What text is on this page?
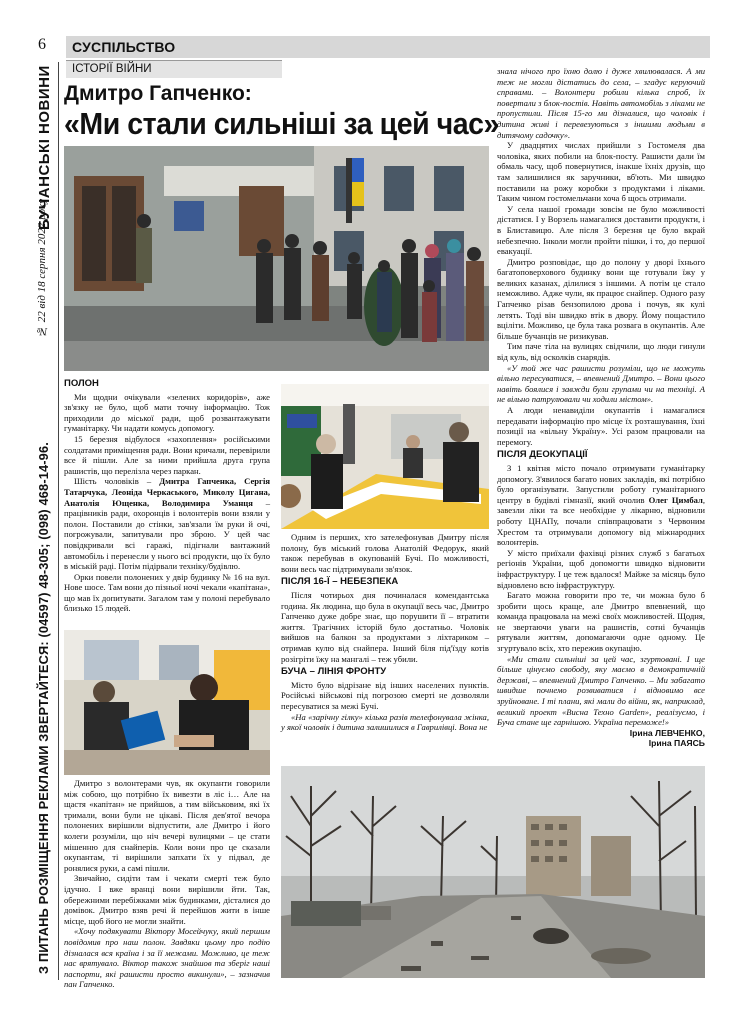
6 СУСПІЛЬСТВО
ІСТОРІЇ ВІЙНИ
БУЧАНСЬКІ НОВИНИ
№ 22 від 18 серпня 2022 року
З ПИТАНЬ РОЗМІЩЕННЯ РЕКЛАМИ ЗВЕРТАЙТЕСЯ: (04597) 48-305; (098) 468-14-96.
Дмитро Гапченко:
«Ми стали сильніші за цей час»

ПОЛОН

Ми щодни очікували «зелених коридорів», аже зв'язку не було, щоб мати точну інформацію. Тож приходили до міської ради, щоб розвантажувати гуманітарку. Чи надати комусь допомогу.

15 березня відбулося «захоплення» російськими солдатами приміщення ради. Вони кричали, перевірили все й пішли. Але за ними прийшла друга група рашистів, що перелізла через паркан.

Шість чоловіків – Дмитра Гапченка, Сергія Татарчука, Леоніда Черкаського, Миколу Цигана, Анатолія Ющенка, Володимира Уманця – працівників ради, охоронців і волонтерів вони взяли у полон. Поставили до стінки, зав'язали їм руки й очі, погрожували, запитували про зброю. У цей час повідкривали всі гаражі, підігнали вантажний автомобіль і перенесли у нього всі продукти, що їх було в міській раді. Потім підірвали техніку/будівлю.

Орки повели полонених у двір будинку № 16 на вул. Нове шосе. Там вони до пізньої ночі чекали «капітана», що мав їх допитувати. Загалом там у полоні перебувало близько 15 людей.

Дмитро з волонтерами чув, як окупанти говорили між собою, що потрібно їх вивезти в ліс і… Але на щастя «капітан» не прийшов, а тим військовим, які їх тримали, вони були не цікаві. Після дев'ятої вечора полонених вирішили відпустити, але Дмитро і його колеги розуміли, що ніч вечері вулицями – це стати мішенню для снайперів. Коли вони про це сказали окупантам, ті вирішили запхати їх у підвал, де ронялися руки, а самі пішли.

Звичайно, сидіти там і чекати смерті теж було ідучно. І вже вранці вони вирішили йти. Так, обережними перебіжками між будинками, дісталися до домівок. Дмитро взяв речі й перейшов жити в інше місце, щоб його не могли знайти.

«Хочу подякувати Віктору Мосейчуку, який першим повідомив про наш полон. Завдяки цьому про подію дізналася вся країна і за її межами. Можливо, це теж нас врятувало. Віктор також знайшов та зберіг наші паспорти, які рашисти просто викинули», – зазначив пан Гапченко.

Одним із перших, хто зателефонував Дмитру після полону, був міський голова Анатолій Федорук, який також перебував в окупованій Бучі. По можливості, вони весь час підтримували зв'язок.

ПІСЛЯ 16-Ї – НЕБЕЗПЕКА

Після чотирьох дня починалася комендантська година. Як людина, що була в окупації весь час, Дмитро Гапченко дуже добре знає, що порушити її – втратити життя. Трагічних історій було достатньо. Чоловік вийшов на балкон за продуктами з ліхтариком – отримав кулю від снайпера. Інший біля під'їзду котів розігріти їжу на мангалі – теж убили.

БУЧА – ЛІНІЯ ФРОНТУ

Місто було відрізане від інших населених пунктів. Російські військові під погрозою смерті не дозволяли пересуватися за межі Бучі.

«На «зарічну гілку» кілька разів телефонувала жінка, у якої чоловік і дитина залишилися в Гаврилівці. Вона не

знала нічого про їхню долю і дуже хвилювалася. А ми теж не могли дістатись до села, – згадує керуючий справами. – Волонтери робили кілька спроб, їх повертали з блок-постів. Навіть автомобіль з ліками не пропустили. Після 15-го ми дізналися, що чоловік і дитина живі і перевезуються з іншими людьми в дитячому садочку».

У двадцятих числах прийшли з Гостомеля два чоловіка, яких побили на блок-посту. Рашисти дали їм обмаль часу, щоб повернутися, інакше їхніх друзів, що там залишилися як заручники, вб'ють. Ми швидко поставили на рожу коробки з продуктами і ліками. Таким чином гостомельчани хоча б щось отримали.

У села нашої громади зовсім не було можливості дістатися. І у Ворзель намагалися доставити продукти, і в Блиставицю. Але після 3 березня це було вкрай небезпечно. Інколи могли пройти пішки, і то, до першої евакуації.

Дмитро розповідає, що до полону у дворі їхнього багатоповерхового будинку вони ще готували їжу у великих казанах, ділилися з іншими. А потім це стало неможливо. Адже чули, як працює снайпер. Одного разу Гапченко різав бензопилою дрова і почув, як кулі летять. Тоді він швидко втік в двору. Йому пощастило вціліти. Можливо, це була така розвага в окупантів. Але більше бучанців не ризикував.

Тим паче тіла на вулицях свідчили, що люди гинули від куль, від осколків снарядів.

«У той же час рашисти розуміли, що не можуть вільно пересуватися, – впевнений Дмитро. – Вони цього навіть боялися і завжди були групами чи на техніці. А не вільно патрулювали чи ходили містом».

А люди ненавиділи окупантів і намагалися передавати інформацію про місце їх розташування, їхні позиції на «вільну Україну». Усі разом працювали на перемогу.

ПІСЛЯ ДЕОКУПАЦІЇ

З 1 квітня місто почало отримувати гуманітарку допомогу. З'явилося багато нових закладів, які потрібно було організувати. Запустили роботу гуманітарного центру в будівлі гімназії, який очолив Олег Цимбал, завезли ліки та все необхідне у лікарню, відновили роботу ЦНАПу, почали співпрацювати з Червоним Хрестом та отримували допомогу від міжнародних волонтерів.

У місто приїхали фахівці різних служб з багатьох регіонів України, щоб допомогти швидко відновити інфраструктуру. І це теж вдалося! Майже за місяць було відновлено всю інфраструктуру.

Багато можна говорити про те, чи можна було б зробити щось краще, але Дмитро впевнений, що команда працювала на межі своїх можливостей. Щодня, не звертаючи уваги на рашистів, сотні бучанців рятували життям, допомагаючи одне одному. Це згуртувало всіх, хто пережив окупацію.

«Ми стали сильніші за цей час, згуртовані. І ще більше цінуємо свободу, яку маємо в демократичній державі, – впевнений Дмитро Гапченко. – Ми забагато швидше почнемо розвиватися і відновимо все зруйноване. І ті плани, які мали до війни, як, наприклад, великий проект «Висна Техно Garden», реалізуємо, і Буча стане ще гарнішою. Україна переможе!»

Ірина ЛЕВЧЕНКО,
Ірина ПАЯСЬ
